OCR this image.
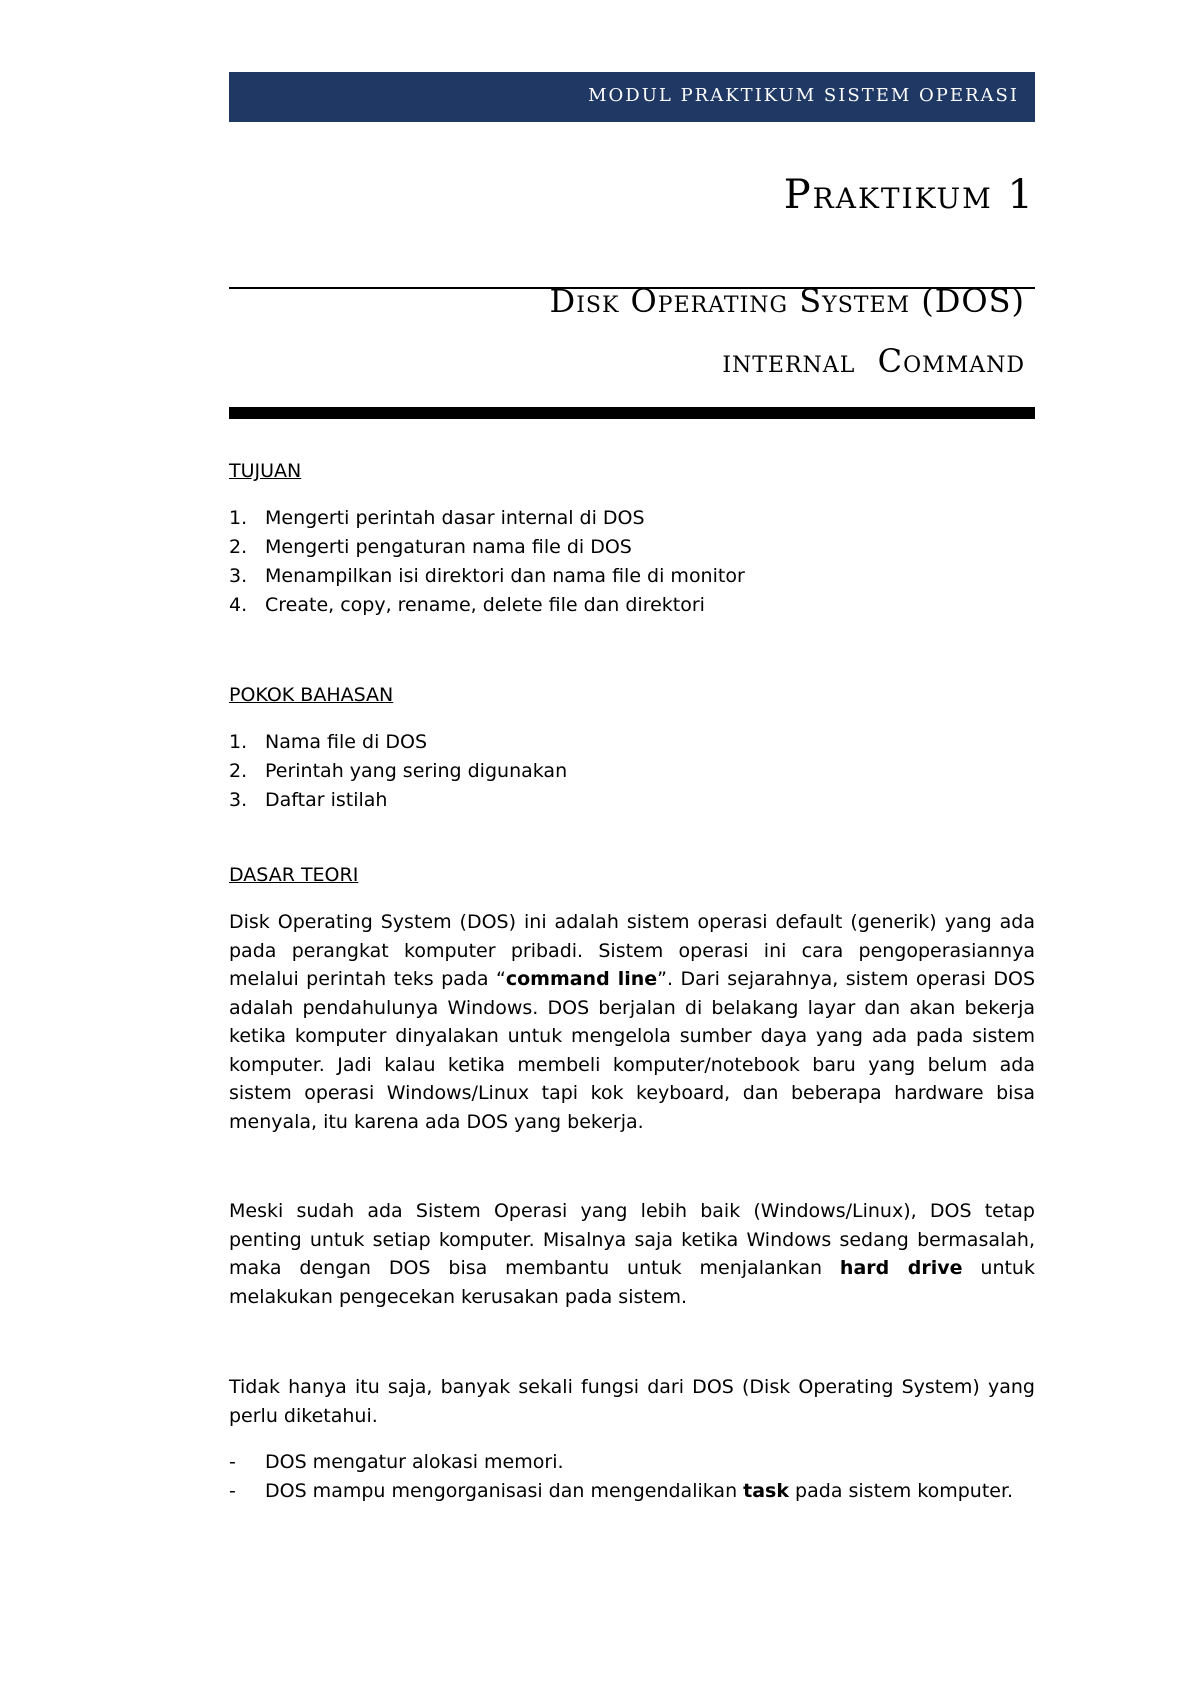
MODUL PRAKTIKUM SISTEM OPERASI
Praktikum 1
Disk Operating System (DOS)
internal  Command
TUJUAN
1. Mengerti perintah dasar internal di DOS
2. Mengerti pengaturan nama file di DOS
3. Menampilkan isi direktori dan nama file di monitor
4. Create, copy, rename, delete file dan direktori
POKOK BAHASAN
1. Nama file di DOS
2. Perintah yang sering digunakan
3. Daftar istilah
DASAR TEORI

Disk Operating System (DOS) ini adalah sistem operasi default (generik) yang ada pada perangkat komputer pribadi. Sistem operasi ini cara pengoperasiannya melalui perintah teks pada “command line”. Dari sejarahnya, sistem operasi DOS adalah pendahulunya Windows. DOS berjalan di belakang layar dan akan bekerja ketika komputer dinyalakan untuk mengelola sumber daya yang ada pada sistem komputer. Jadi kalau ketika membeli komputer/notebook baru yang belum ada sistem operasi Windows/Linux tapi kok keyboard, dan beberapa hardware bisa menyala, itu karena ada DOS yang bekerja.

Meski sudah ada Sistem Operasi yang lebih baik (Windows/Linux), DOS tetap penting untuk setiap komputer. Misalnya saja ketika Windows sedang bermasalah, maka dengan DOS bisa membantu untuk menjalankan hard drive untuk melakukan pengecekan kerusakan pada sistem.

Tidak hanya itu saja, banyak sekali fungsi dari DOS (Disk Operating System) yang perlu diketahui.

- DOS mengatur alokasi memori.
- DOS mampu mengorganisasi dan mengendalikan task pada sistem komputer.
